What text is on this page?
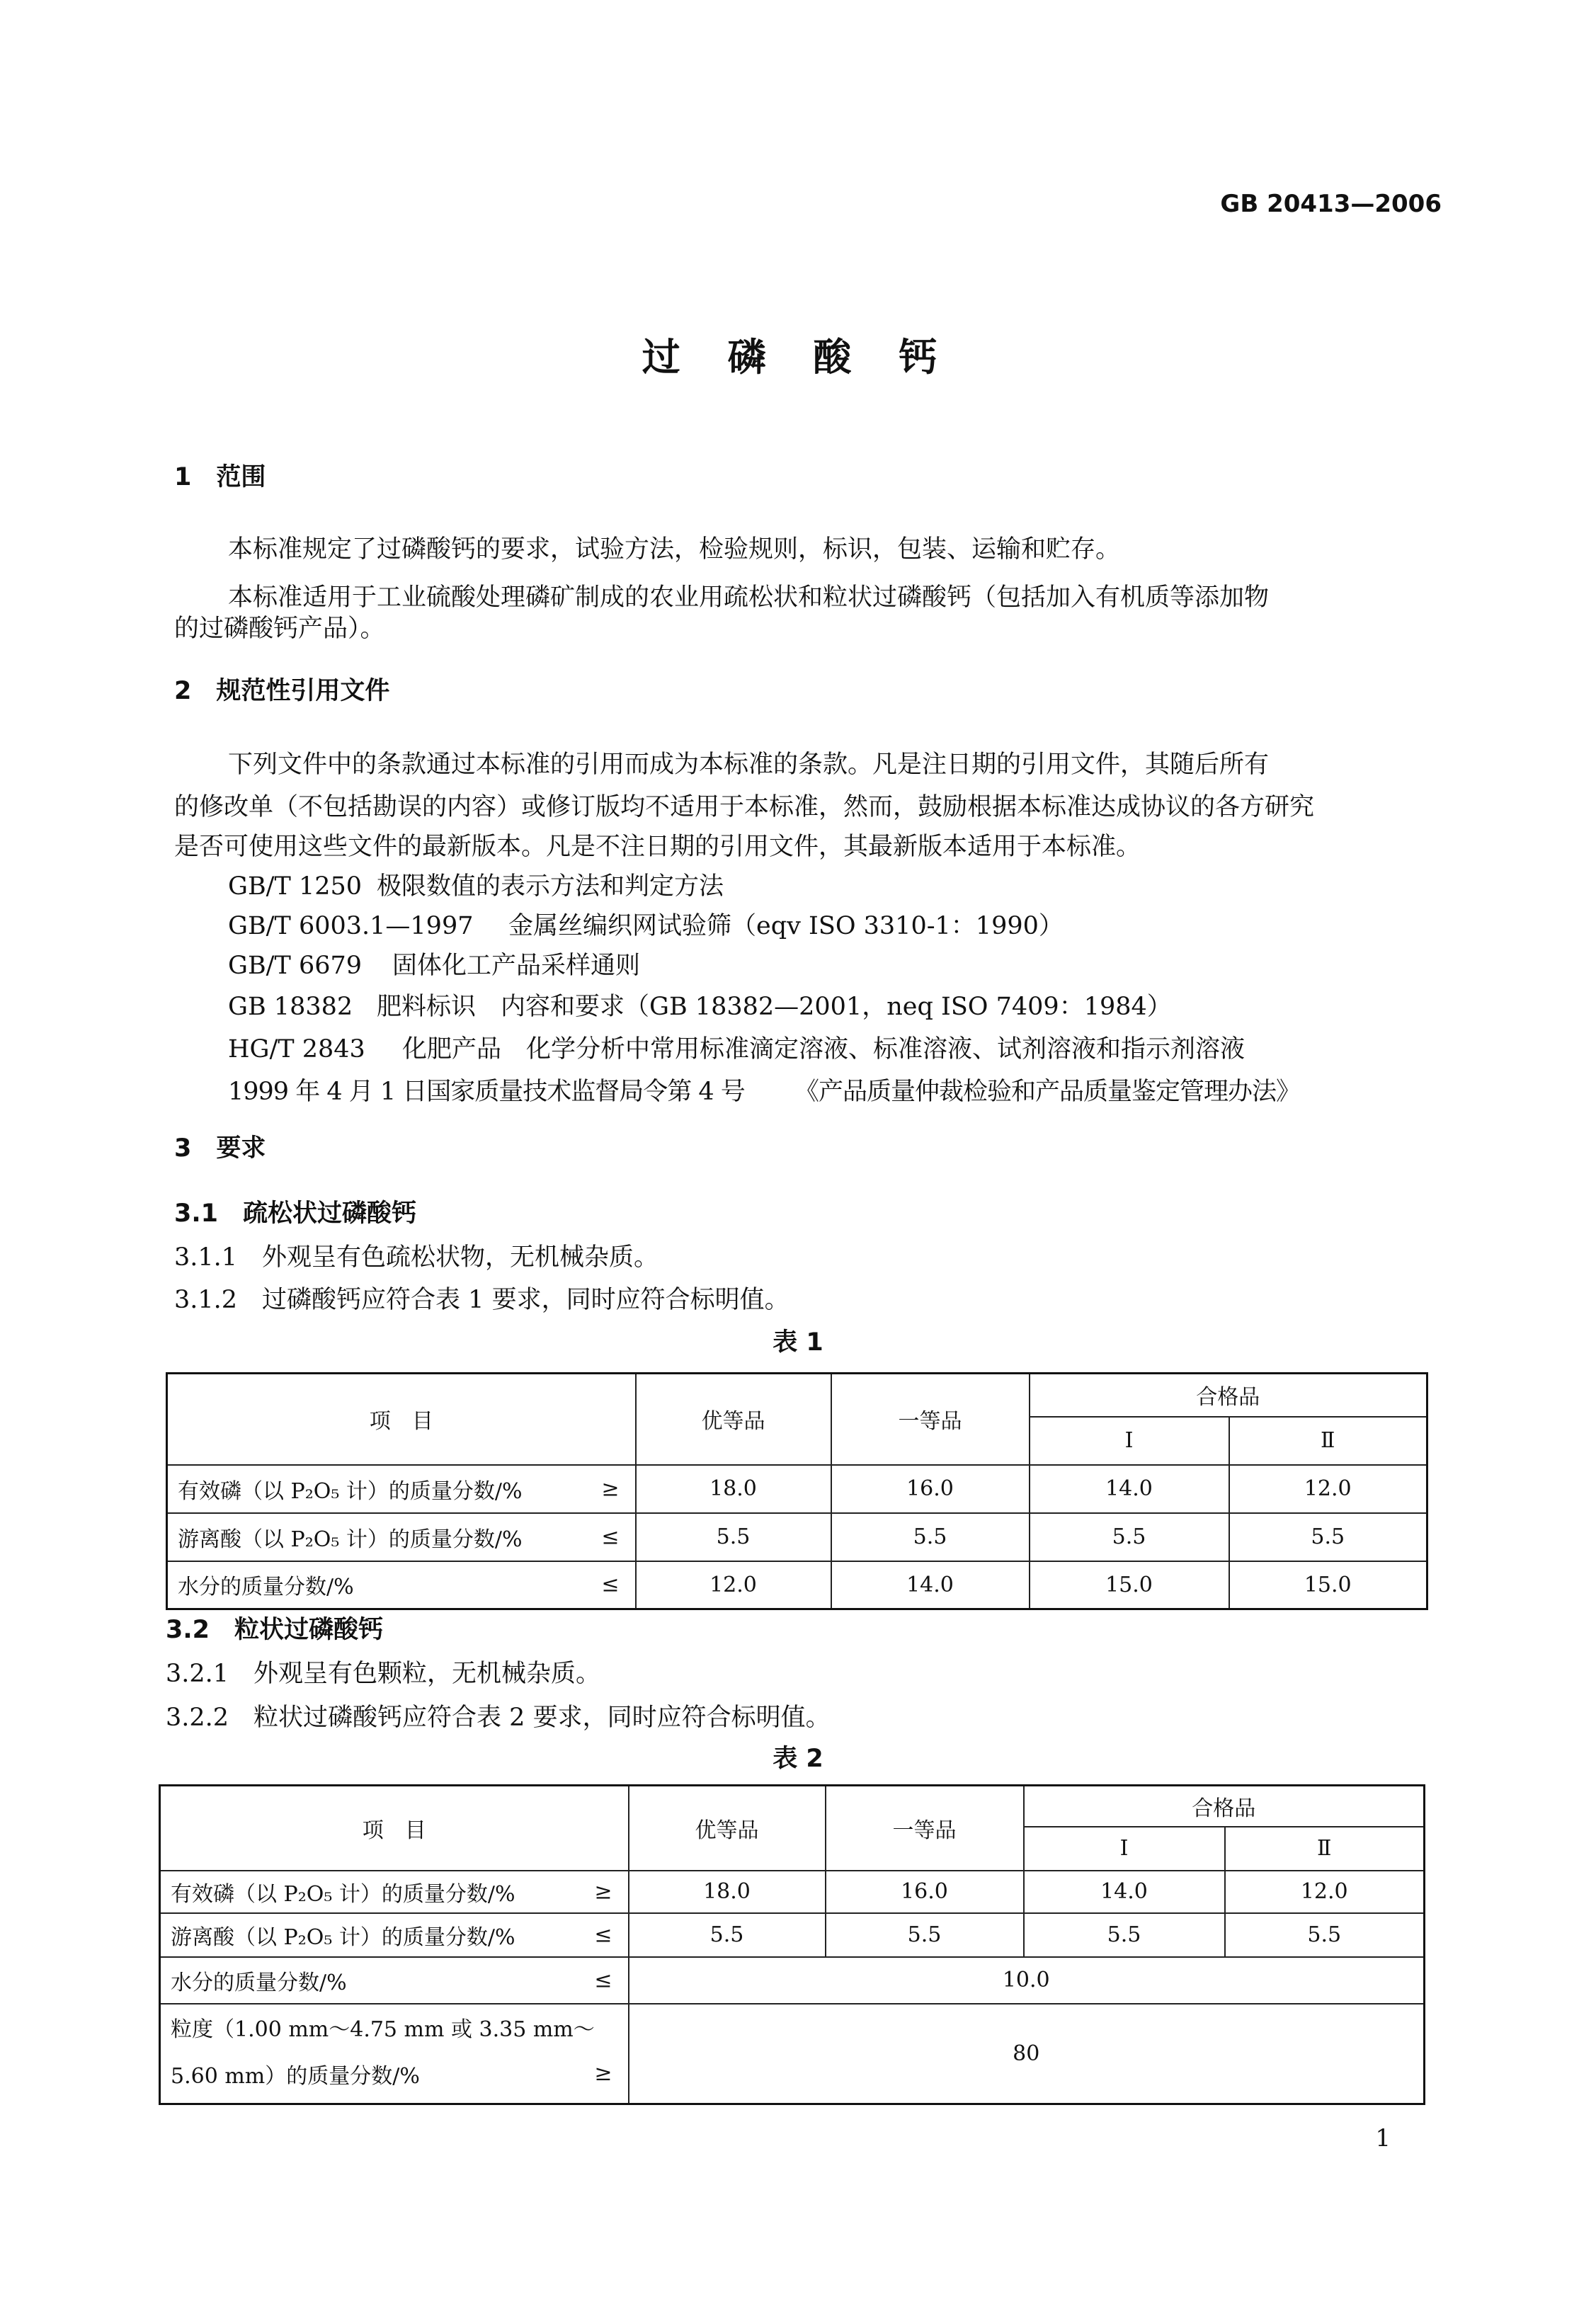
GB 20413—2006
过 磷 酸 钙
1　范围
本标准规定了过磷酸钙的要求，试验方法，检验规则，标识，包装、运输和贮存。
本标准适用于工业硫酸处理磷矿制成的农业用疏松状和粒状过磷酸钙（包括加入有机质等添加物
的过磷酸钙产品）。
2　规范性引用文件
下列文件中的条款通过本标准的引用而成为本标准的条款。凡是注日期的引用文件，其随后所有
的修改单（不包括勘误的内容）或修订版均不适用于本标准，然而，鼓励根据本标准达成协议的各方研究
是否可使用这些文件的最新版本。凡是不注日期的引用文件，其最新版本适用于本标准。
GB/T 1250 极限数值的表示方法和判定方法
GB/T 6003.1—1997 金属丝编织网试验筛（eqv ISO 3310-1：1990）
GB/T 6679 固体化工产品采样通则
GB 18382 肥料标识　内容和要求（GB 18382—2001，neq ISO 7409：1984）
HG/T 2843 化肥产品　化学分析中常用标准滴定溶液、标准溶液、试剂溶液和指示剂溶液
1999 年 4 月 1 日国家质量技术监督局令第 4 号 《产品质量仲裁检验和产品质量鉴定管理办法》
3　要求
3.1　疏松状过磷酸钙
3.1.1　外观呈有色疏松状物，无机械杂质。
3.1.2　过磷酸钙应符合表 1 要求，同时应符合标明值。
表 1
项　目	优等品	一等品	合格品	
			Ⅰ	Ⅱ
有效磷（以 P₂O₅ 计）的质量分数/% ≥	18.0	16.0	14.0	12.0
游离酸（以 P₂O₅ 计）的质量分数/% ≤	5.5	5.5	5.5	5.5
水分的质量分数/% ≤	12.0	14.0	15.0	15.0
3.2　粒状过磷酸钙
3.2.1　外观呈有色颗粒，无机械杂质。
3.2.2　粒状过磷酸钙应符合表 2 要求，同时应符合标明值。
表 2
项　目	优等品	一等品	合格品	
			Ⅰ	Ⅱ
有效磷（以 P₂O₅ 计）的质量分数/% ≥	18.0	16.0	14.0	12.0
游离酸（以 P₂O₅ 计）的质量分数/% ≤	5.5	5.5	5.5	5.5
水分的质量分数/% ≤	10.0			

粒度（1.00 mm～4.75 mm 或 3.35 mm～
5.60 mm）的质量分数/% ≥	80			
1
